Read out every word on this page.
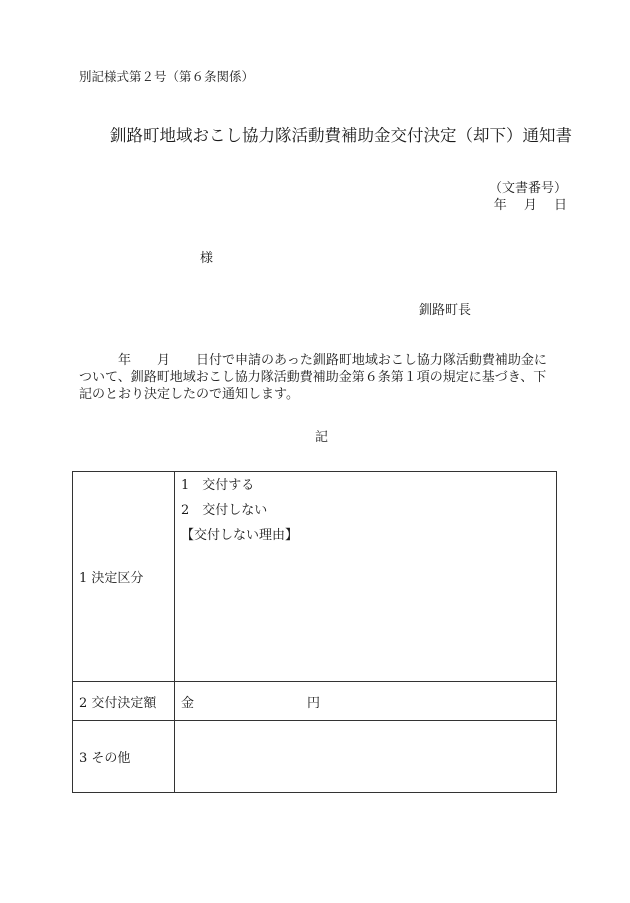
別記様式第２号（第６条関係）
釧路町地域おこし協力隊活動費補助金交付決定（却下）通知書
（文書番号）
年　 月　 日
様
釧路町長
　　　年　　月　　日付で申請のあった釧路町地域おこし協力隊活動費補助金について、釧路町地域おこし協力隊活動費補助金第６条第１項の規定に基づき、下記のとおり決定したので通知します。
記
1 決定区分	1　交付する
2　交付しない
【交付しない理由】

2 交付決定額	金 円
3 その他	
